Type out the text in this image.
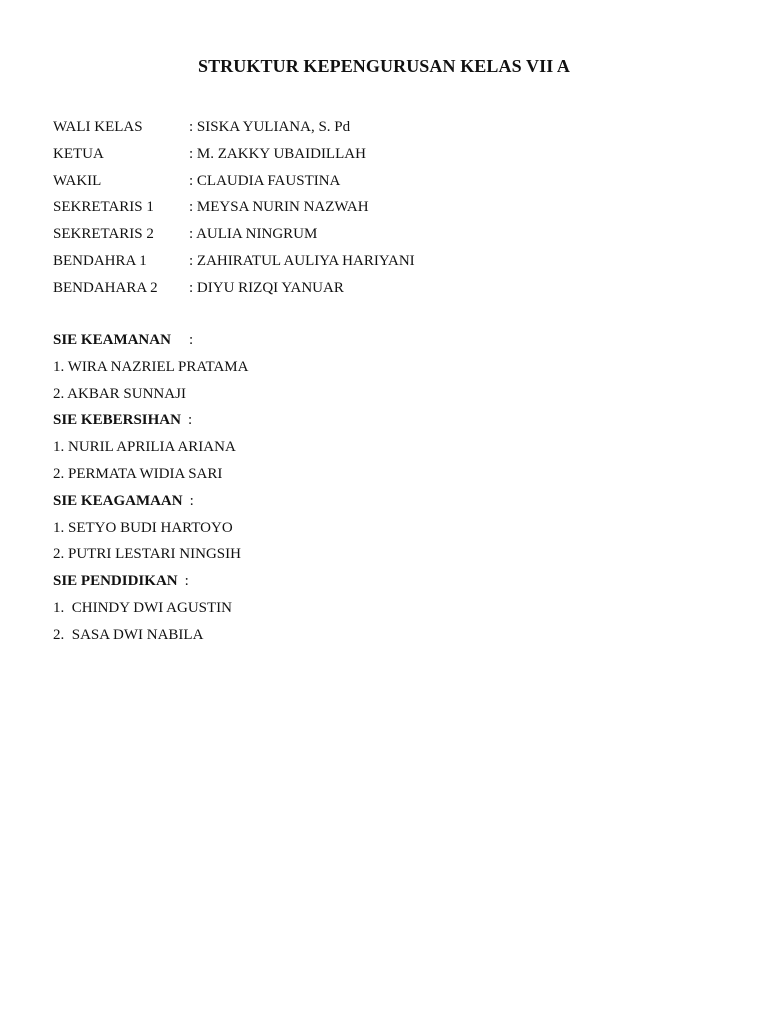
STRUKTUR KEPENGURUSAN KELAS VII A
WALI KELAS	: SISKA YULIANA, S. Pd
KETUA	: M. ZAKKY UBAIDILLAH
WAKIL	: CLAUDIA FAUSTINA
SEKRETARIS 1	: MEYSA NURIN NAZWAH
SEKRETARIS 2	: AULIA NINGRUM
BENDAHRA 1	: ZAHIRATUL AULIYA HARIYANI
BENDAHARA 2	: DIYU RIZQI YANUAR
SIE KEAMANAN	:
1. WIRA NAZRIEL PRATAMA
2. AKBAR SUNNAJI
SIE KEBERSIHAN :
1. NURIL APRILIA ARIANA
2. PERMATA WIDIA SARI
SIE KEAGAMAAN :
1. SETYO BUDI HARTOYO
2. PUTRI LESTARI NINGSIH
SIE PENDIDIKAN :
1.  CHINDY DWI AGUSTIN
2.  SASA DWI NABILA
